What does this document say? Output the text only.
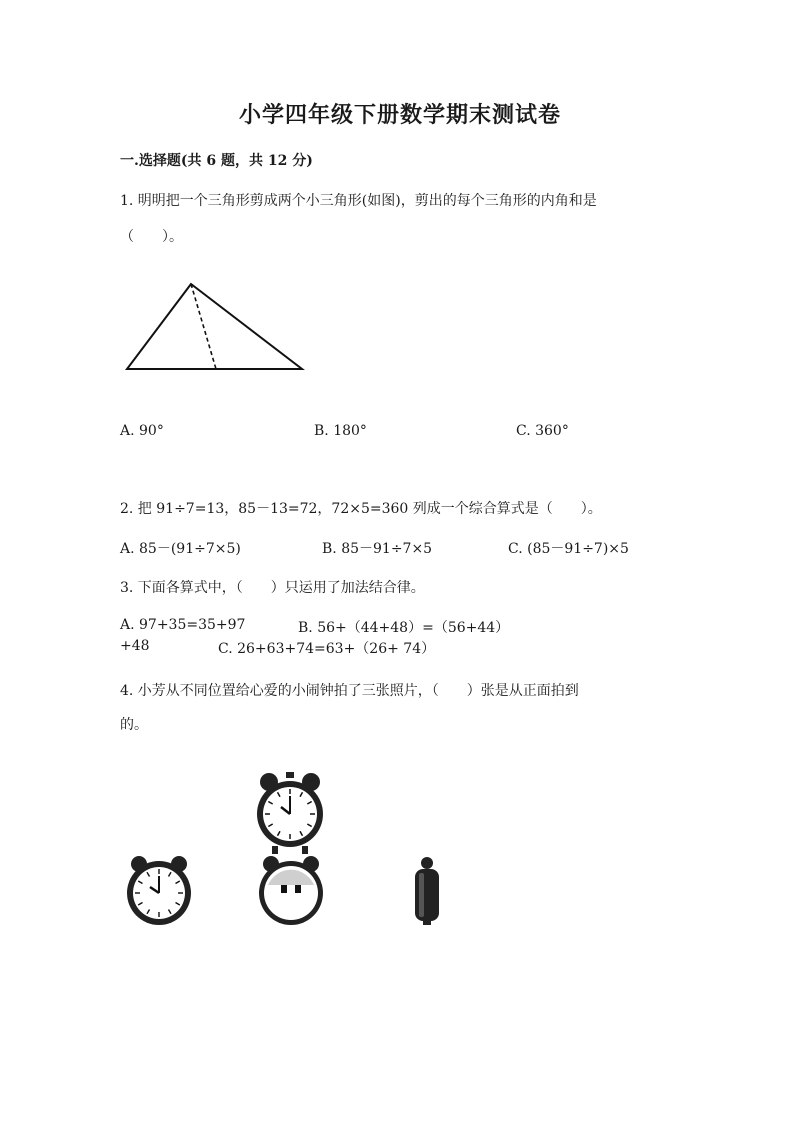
小学四年级下册数学期末测试卷
一.选择题(共 6 题，共 12 分)
1. 明明把一个三角形剪成两个小三角形(如图)，剪出的每个三角形的内角和是
（　　）。
A. 90°	B. 180°	C. 360°
2. 把 91÷7=13，85－13=72，72×5=360 列成一个综合算式是（　　）。
A. 85－(91÷7×5)	B. 85－91÷7×5	C. (85－91÷7)×5
3. 下面各算式中，（　　）只运用了加法结合律。
A. 97+35=35+97	B. 56+（44+48）=（56+44）
+48	C. 26+63+74=63+（26+ 74）
4. 小芳从不同位置给心爱的小闹钟拍了三张照片，（　　）张是从正面拍到
的。
